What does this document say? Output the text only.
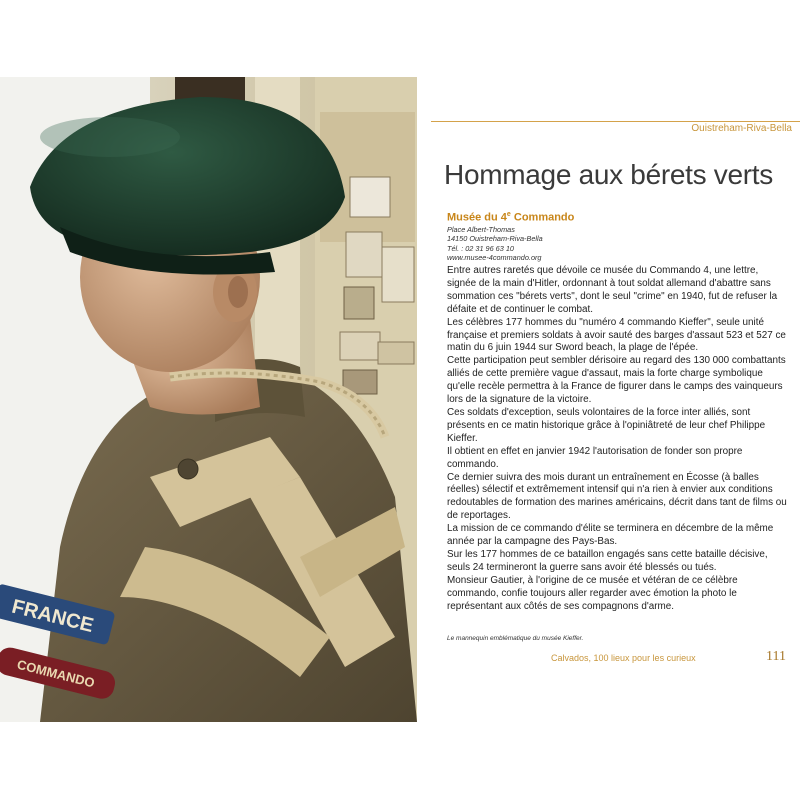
FRANCE
COMMANDO
Ouistreham-Riva-Bella
Hommage aux bérets verts
Musée du 4e Commando
Place Albert-Thomas
14150 Ouistreham-Riva-Bella
Tél. : 02 31 96 63 10
www.musee-4commando.org

Entre autres raretés que dévoile ce musée du Commando 4, une lettre, signée de la main d'Hitler, ordonnant à tout soldat allemand d'abattre sans sommation ces "bérets verts", dont le seul "crime" en 1940, fut de refuser la défaite et de continuer le combat.

Les célèbres 177 hommes du "numéro 4 commando Kieffer", seule unité française et premiers soldats à avoir sauté des barges d'assaut 523 et 527 ce matin du 6 juin 1944 sur Sword beach, la plage de l'épée.

Cette participation peut sembler dérisoire au regard des 130 000 combattants alliés de cette première vague d'assaut, mais la forte charge symbolique qu'elle recèle permettra à la France de figurer dans le camps des vainqueurs lors de la signature de la victoire.

Ces soldats d'exception, seuls volontaires de la force inter alliés, sont présents en ce matin historique grâce à l'opiniâtreté de leur chef Philippe Kieffer.

Il obtient en effet en janvier 1942 l'autorisation de fonder son propre commando.

Ce dernier suivra des mois durant un entraînement en Écosse (à balles réelles) sélectif et extrêmement intensif qui n'a rien à envier aux conditions redoutables de formation des marines américains, décrit dans tant de films ou de reportages.

La mission de ce commando d'élite se terminera en décembre de la même année par la campagne des Pays-Bas.

Sur les 177 hommes de ce bataillon engagés sans cette bataille décisive, seuls 24 termineront la guerre sans avoir été blessés ou tués.

Monsieur Gautier, à l'origine de ce musée et vétéran de ce célèbre commando, confie toujours aller regarder avec émotion la photo le représentant aux côtés de ses compagnons d'arme.

Le mannequin emblématique du musée Kieffer.
Calvados, 100 lieux pour les curieux	111
